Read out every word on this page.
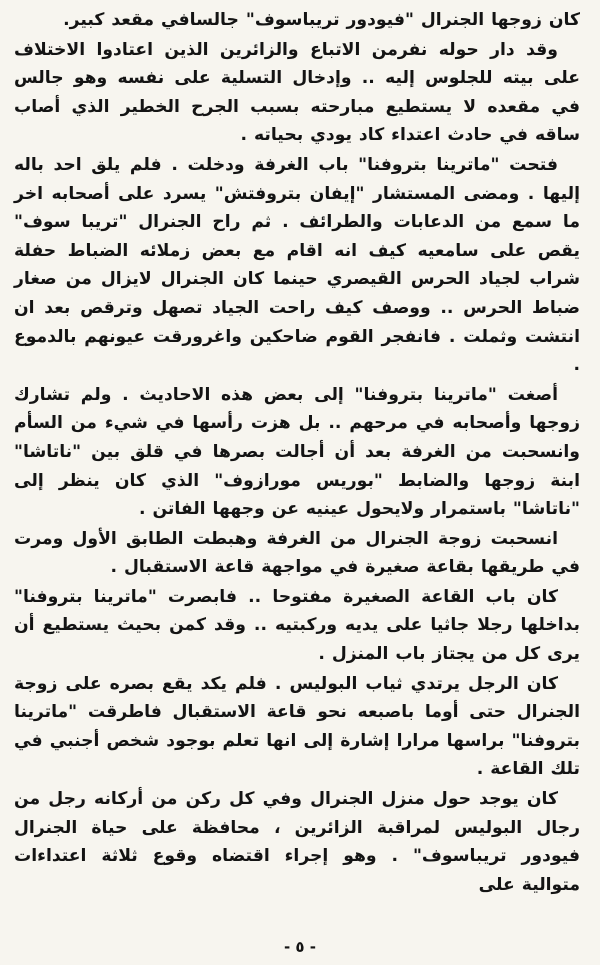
كان زوجها الجنرال "فيودور تريباسوف" جالسافي مقعد كبير.

وقد دار حوله نفرمن الاتباع والزائرين الذين اعتادوا الاختلاف على بيته للجلوس إليه .. وإدخال التسلية على نفسه وهو جالس في مقعده لا يستطيع مبارحته بسبب الجرح الخطير الذي أصاب ساقه في حادث اعتداء كاد يودي بحياته .

فتحت "ماترينا بتروفنا" باب الغرفة ودخلت . فلم يلق احد باله إليها . ومضى المستشار "إيفان بتروفتش" يسرد على أصحابه اخر ما سمع من الدعابات والطرائف . ثم راح الجنرال "تريبا سوف" يقص على سامعيه كيف انه اقام مع بعض زملائه الضباط حفلة شراب لجياد الحرس القيصري حينما كان الجنرال لايزال من صغار ضباط الحرس .. ووصف كيف راحت الجياد تصهل وترقص بعد ان انتشت وثملت . فانفجر القوم ضاحكين واغرورقت عيونهم بالدموع .

أصغت "ماترينا بتروفنا" إلى بعض هذه الاحاديث . ولم تشارك زوجها وأصحابه في مرحهم .. بل هزت رأسها في شيء من السأم وانسحبت من الغرفة بعد أن أجالت بصرها في قلق بين "ناتاشا" ابنة زوجها والضابط "بوريس مورازوف" الذي كان ينظر إلى "ناتاشا" باستمرار ولايحول عينيه عن وجهها الفاتن .

انسحبت زوجة الجنرال من الغرفة وهبطت الطابق الأول ومرت في طريقها بقاعة صغيرة في مواجهة قاعة الاستقبال .

كان باب القاعة الصغيرة مفتوحا .. فابصرت "ماترينا بتروفنا" بداخلها رجلا جاثيا على يديه وركبتيه .. وقد كمن بحيث يستطيع أن يرى كل من يجتاز باب المنزل .

كان الرجل يرتدي ثياب البوليس . فلم يكد يقع بصره على زوجة الجنرال حتى أوما باصبعه نحو قاعة الاستقبال فاطرقت "ماترينا بتروفنا" براسها مرارا إشارة إلى انها تعلم بوجود شخص أجنبي في تلك القاعة .

كان يوجد حول منزل الجنرال وفي كل ركن من أركانه رجل من رجال البوليس لمراقبة الزائرين ، محافظة على حياة الجنرال فيودور تريباسوف" . وهو إجراء اقتضاه وقوع ثلاثة اعتداءات متوالية على

- ٥ -
